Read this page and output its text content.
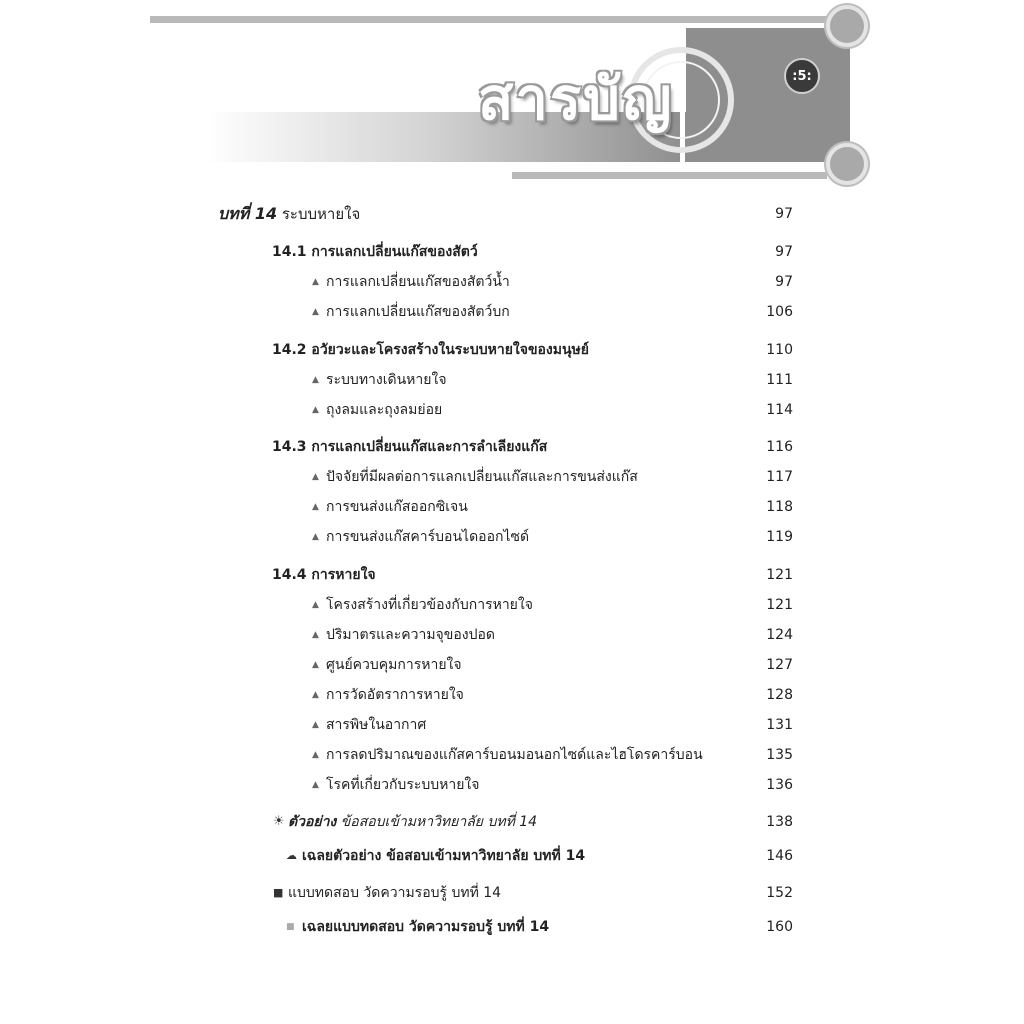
สารบัญ	:5:
บทที่ 14 ระบบหายใจ	97
14.1 การแลกเปลี่ยนแก๊สของสัตว์	97
▲ การแลกเปลี่ยนแก๊สของสัตว์น้ำ	97
▲ การแลกเปลี่ยนแก๊สของสัตว์บก	106
14.2 อวัยวะและโครงสร้างในระบบหายใจของมนุษย์	110
▲ ระบบทางเดินหายใจ	111
▲ ถุงลมและถุงลมย่อย	114
14.3 การแลกเปลี่ยนแก๊สและการลำเลียงแก๊ส	116
▲ ปัจจัยที่มีผลต่อการแลกเปลี่ยนแก๊สและการขนส่งแก๊ส	117
▲ การขนส่งแก๊สออกซิเจน	118
▲ การขนส่งแก๊สคาร์บอนไดออกไซด์	119
14.4 การหายใจ	121
▲ โครงสร้างที่เกี่ยวข้องกับการหายใจ	121
▲ ปริมาตรและความจุของปอด	124
▲ ศูนย์ควบคุมการหายใจ	127
▲ การวัดอัตราการหายใจ	128
▲ สารพิษในอากาศ	131
▲ การลดปริมาณของแก๊สคาร์บอนมอนอกไซด์และไฮโดรคาร์บอน	135
▲ โรคที่เกี่ยวกับระบบหายใจ	136
☀ ตัวอย่าง ข้อสอบเข้ามหาวิทยาลัย บทที่ 14	138
☁ เฉลยตัวอย่าง ข้อสอบเข้ามหาวิทยาลัย บทที่ 14	146
■ แบบทดสอบ วัดความรอบรู้ บทที่ 14	152
■ เฉลยแบบทดสอบ วัดความรอบรู้ บทที่ 14	160
